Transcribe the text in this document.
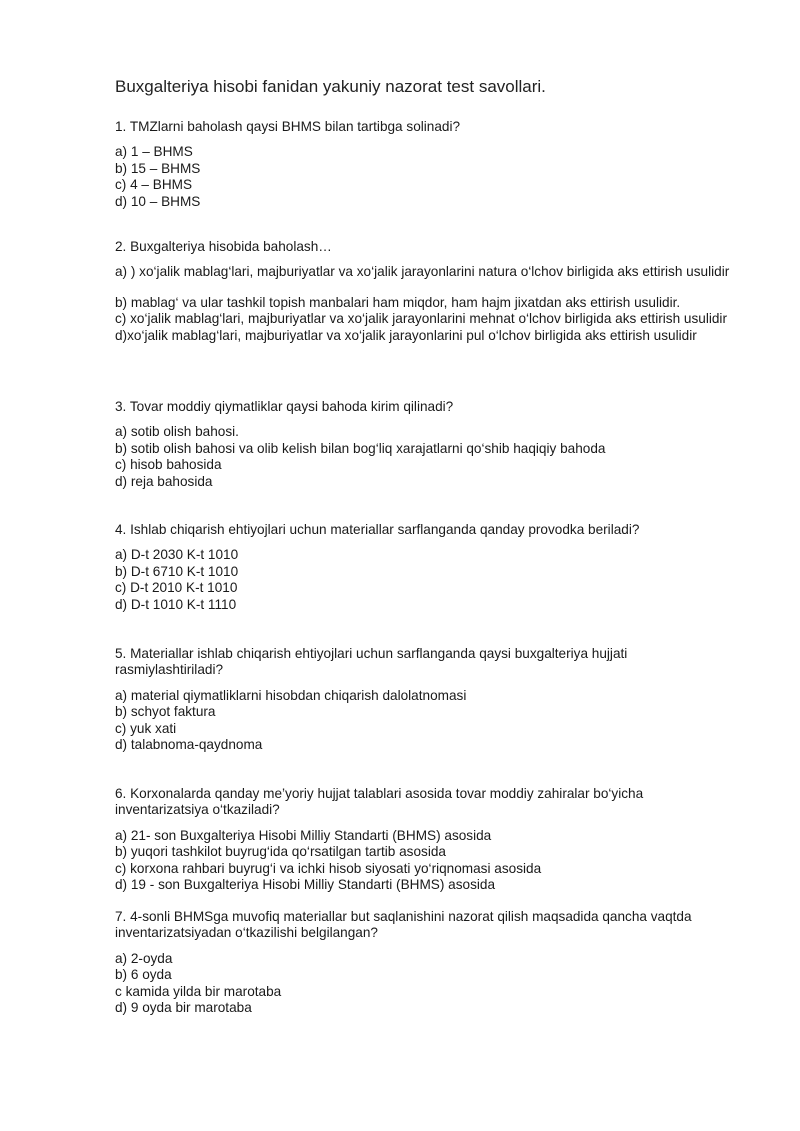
Buxgalteriya hisobi fanidan yakuniy nazorat test savollari.

1. TMZlarni baholash qaysi BHMS bilan tartibga solinadi?

a) 1 – BHMS

b) 15 – BHMS

c) 4 – BHMS

d) 10 – BHMS

2. Buxgalteriya hisobida baholash…

a) ) xo‘jalik mablag‘lari, majburiyatlar va xo‘jalik jarayonlarini natura o‘lchov birligida aks ettirish usulidir

b) mablag‘ va ular tashkil topish manbalari ham miqdor, ham hajm jixatdan aks ettirish usulidir.

c) xo‘jalik mablag‘lari, majburiyatlar va xo‘jalik jarayonlarini mehnat o‘lchov birligida aks ettirish usulidir

d)xo‘jalik mablag‘lari, majburiyatlar va xo‘jalik jarayonlarini pul o‘lchov birligida aks ettirish usulidir

3. Tovar moddiy qiymatliklar qaysi bahoda kirim qilinadi?

a) sotib olish bahosi.

b) sotib olish bahosi va olib kelish bilan bog‘liq xarajatlarni qo‘shib haqiqiy bahoda

c) hisob bahosida

d) reja bahosida

4. Ishlab chiqarish ehtiyojlari uchun materiallar sarflanganda qanday provodka beriladi?

a) D-t 2030 K-t 1010

b) D-t 6710 K-t 1010

c) D-t 2010 K-t 1010

d) D-t 1010 K-t 1110

5. Materiallar ishlab chiqarish ehtiyojlari uchun sarflanganda qaysi buxgalteriya hujjati rasmiylashtiriladi?

a) material qiymatliklarni hisobdan chiqarish dalolatnomasi

b) schyot faktura

c) yuk xati

d) talabnoma-qaydnoma

6. Korxonalarda qanday me’yoriy hujjat talablari asosida tovar moddiy zahiralar bo‘yicha inventarizatsiya o‘tkaziladi?

a) 21- son Buxgalteriya Hisobi Milliy Standarti (BHMS) asosida

b) yuqori tashkilot buyrug‘ida qo‘rsatilgan tartib asosida

c) korxona rahbari buyrug‘i va ichki hisob siyosati yo‘riqnomasi asosida

d) 19 - son Buxgalteriya Hisobi Milliy Standarti (BHMS) asosida

7. 4-sonli BHMSga muvofiq materiallar but saqlanishini nazorat qilish maqsadida qancha vaqtda inventarizatsiyadan o‘tkazilishi belgilangan?

a) 2-oyda

b) 6 oyda

c kamida yilda bir marotaba

d) 9 oyda bir marotaba
